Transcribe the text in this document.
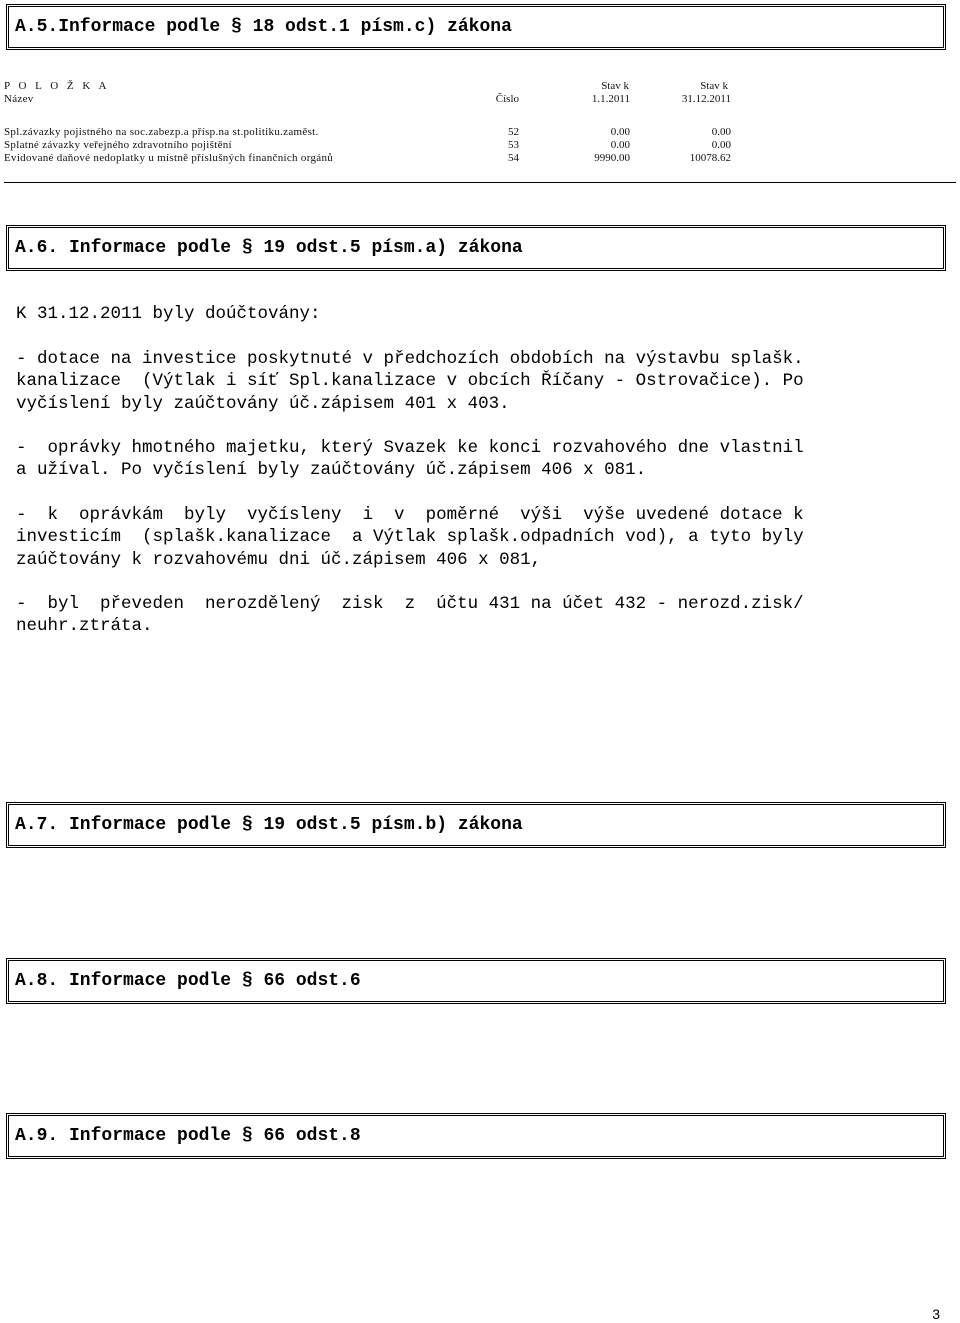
A.5.Informace podle § 18 odst.1 písm.c) zákona
P O L O Ž K A	Stav k	Stav k
Název	Číslo	1.1.2011	31.12.2011
Spl.závazky pojistného na soc.zabezp.a přísp.na st.politiku.zaměst.	52	0.00	0.00
Splatné závazky veřejného zdravotního pojištění	53	0.00	0.00
Evidované daňové nedoplatky u místně příslušných finančních orgánů	54	9990.00	10078.62
A.6. Informace podle § 19 odst.5 písm.a) zákona
K 31.12.2011 byly doúčtovány:
- dotace na investice poskytnuté v předchozích obdobích na výstavbu splašk.
kanalizace  (Výtlak i síť Spl.kanalizace v obcích Říčany - Ostrovačice). Po
vyčíslení byly zaúčtovány úč.zápisem 401 x 403.
-  oprávky hmotného majetku, který Svazek ke konci rozvahového dne vlastnil
a užíval. Po vyčíslení byly zaúčtovány úč.zápisem 406 x 081.
-  k  oprávkám  byly  vyčísleny  i  v  poměrné  výši  výše uvedené dotace k
investicím  (splašk.kanalizace  a Výtlak splašk.odpadních vod), a tyto byly
zaúčtovány k rozvahovému dni úč.zápisem 406 x 081,
-  byl  převeden  nerozdělený  zisk  z  účtu 431 na účet 432 - nerozd.zisk/
neuhr.ztráta.
A.7. Informace podle § 19 odst.5 písm.b) zákona
A.8. Informace podle § 66 odst.6
A.9. Informace podle § 66 odst.8
3
